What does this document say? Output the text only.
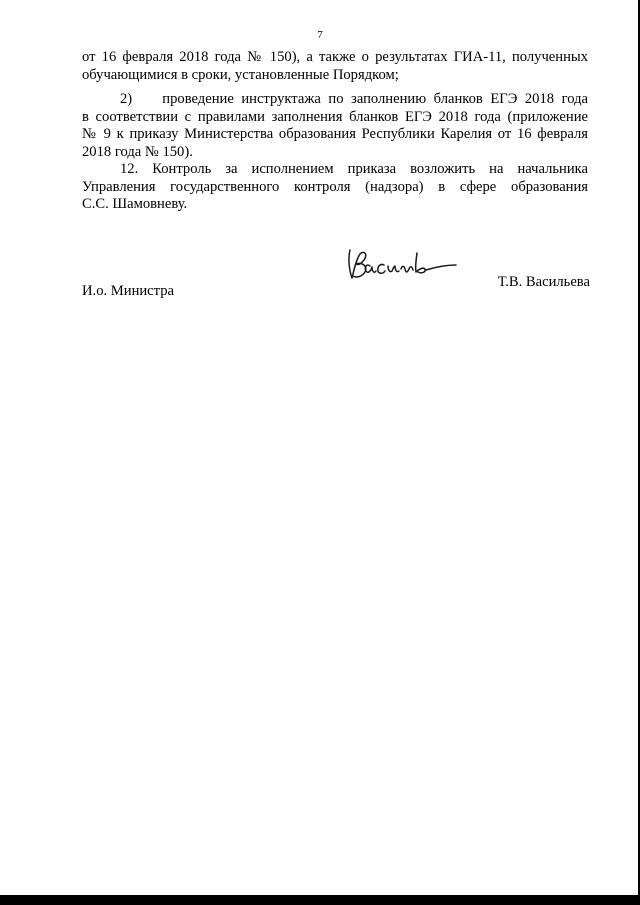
7
от 16 февраля 2018 года № 150), а также о результатах ГИА-11, полученных
обучающимися в сроки, установленные Порядком;
2)    проведение инструктажа по заполнению бланков ЕГЭ 2018 года
в соответствии с правилами заполнения бланков ЕГЭ 2018 года (приложение
№ 9 к приказу Министерства образования Республики Карелия от 16 февраля
2018 года № 150).
12. Контроль за исполнением приказа возложить на начальника
Управления государственного контроля (надзора) в сфере образования
С.С. Шамовневу.
И.о. Министра
Т.В. Васильева
